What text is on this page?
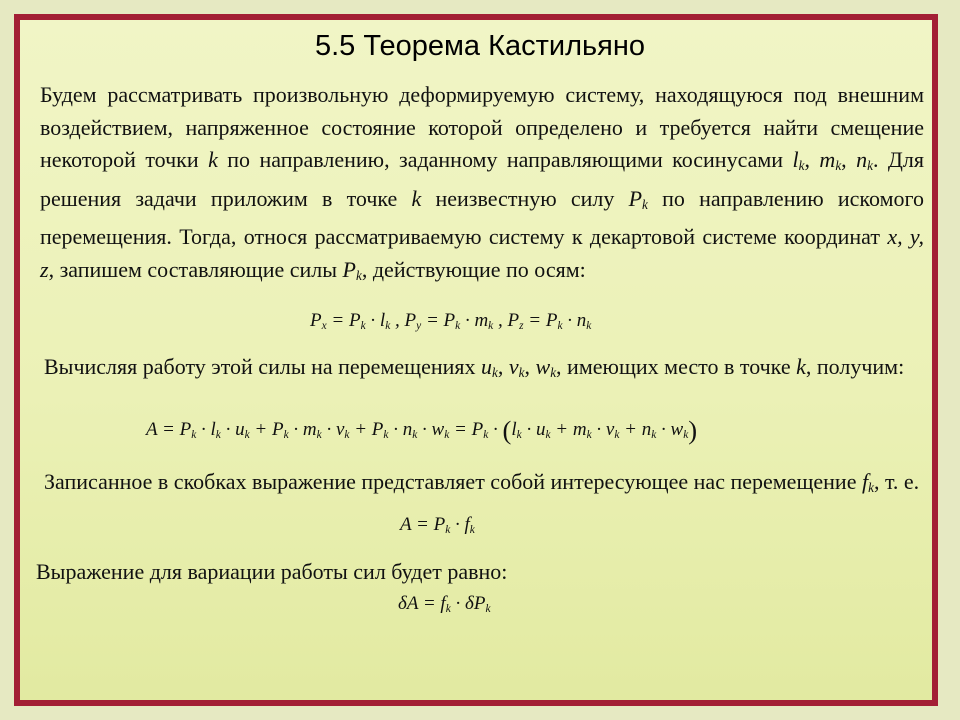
5.5 Теорема Кастильяно
Будем рассматривать произвольную деформируемую систему, находящуюся под внешним воздействием, напряженное состояние которой определено и требуется найти смещение некоторой точки k по направлению, заданному направляющими косинусами $l_k$, $m_k$, $n_k$. Для решения задачи приложим в точке k неизвестную силу $P_k$ по направлению искомого перемещения. Тогда, относя рассматриваемую систему к декартовой системе координат x, y, z, запишем составляющие силы $P_k$, действующие по осям:
$P_x = P_k \cdot l_k$ , $P_y = P_k \cdot m_k$ , $P_z = P_k \cdot n_k$
Вычисляя работу этой силы на перемещениях $u_k$, $v_k$, $w_k$, имеющих место в точке k, получим:
$A = P_k \cdot l_k \cdot u_k + P_k \cdot m_k \cdot v_k + P_k \cdot n_k \cdot w_k = P_k \cdot (l_k \cdot u_k + m_k \cdot v_k + n_k \cdot w_k)$
Записанное в скобках выражение представляет собой интересующее нас перемещение $f_k$, т. е.
$A = P_k \cdot f_k$
Выражение для вариации работы сил будет равно:
$\delta A = f_k \cdot \delta P_k$
